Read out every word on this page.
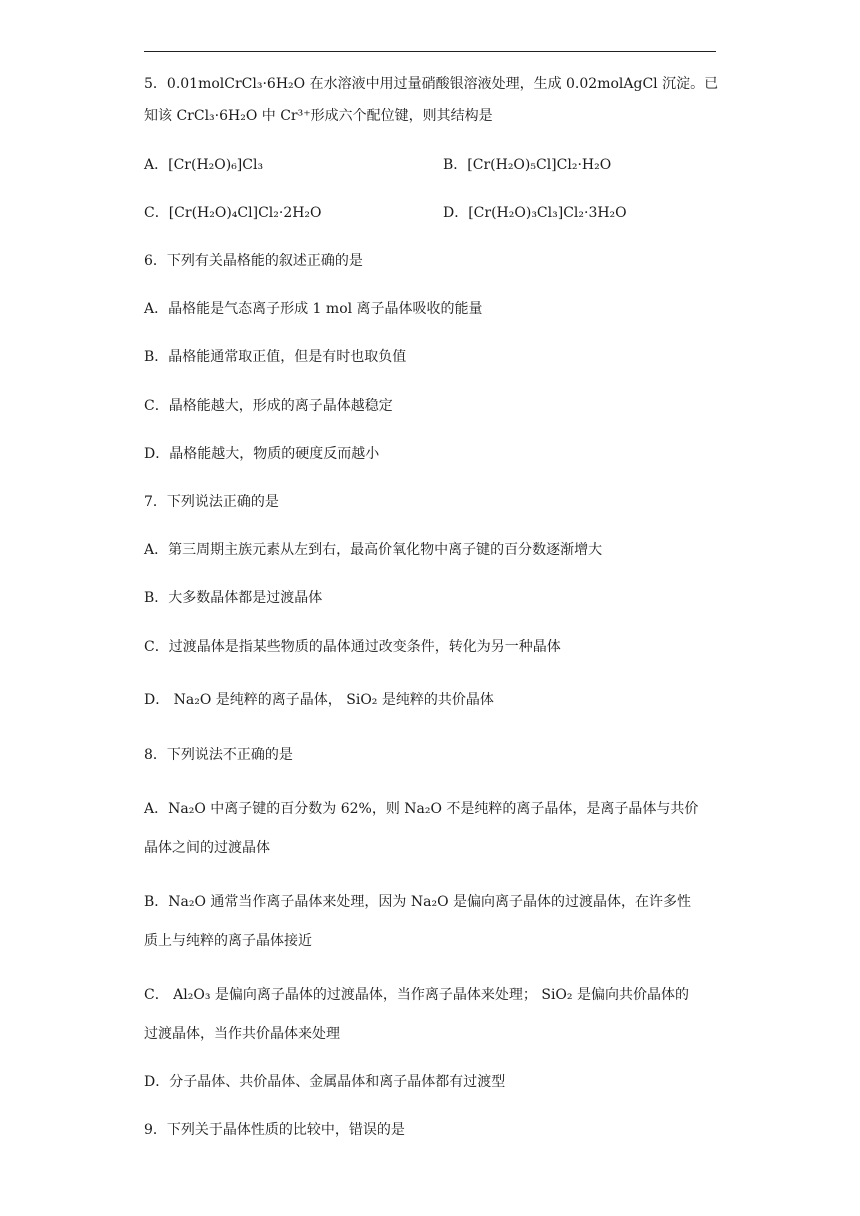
5．0.01molCrCl₃·6H₂O 在水溶液中用过量硝酸银溶液处理，生成 0.02molAgCl 沉淀。已
知该 CrCl₃·6H₂O 中 Cr³⁺形成六个配位键，则其结构是
A．[Cr(H₂O)₆]Cl₃	B．[Cr(H₂O)₅Cl]Cl₂·H₂O
C．[Cr(H₂O)₄Cl]Cl₂·2H₂O	D．[Cr(H₂O)₃Cl₃]Cl₂·3H₂O
6．下列有关晶格能的叙述正确的是
A．晶格能是气态离子形成 1 mol 离子晶体吸收的能量
B．晶格能通常取正值，但是有时也取负值
C．晶格能越大，形成的离子晶体越稳定
D．晶格能越大，物质的硬度反而越小
7．下列说法正确的是
A．第三周期主族元素从左到右，最高价氧化物中离子键的百分数逐渐增大
B．大多数晶体都是过渡晶体
C．过渡晶体是指某些物质的晶体通过改变条件，转化为另一种晶体
D． Na₂O 是纯粹的离子晶体， SiO₂ 是纯粹的共价晶体
8．下列说法不正确的是
A．Na₂O 中离子键的百分数为 62%，则 Na₂O 不是纯粹的离子晶体，是离子晶体与共价
晶体之间的过渡晶体
B．Na₂O 通常当作离子晶体来处理，因为 Na₂O 是偏向离子晶体的过渡晶体，在许多性
质上与纯粹的离子晶体接近
C． Al₂O₃ 是偏向离子晶体的过渡晶体，当作离子晶体来处理； SiO₂ 是偏向共价晶体的
过渡晶体，当作共价晶体来处理
D．分子晶体、共价晶体、金属晶体和离子晶体都有过渡型
9．下列关于晶体性质的比较中，错误的是
